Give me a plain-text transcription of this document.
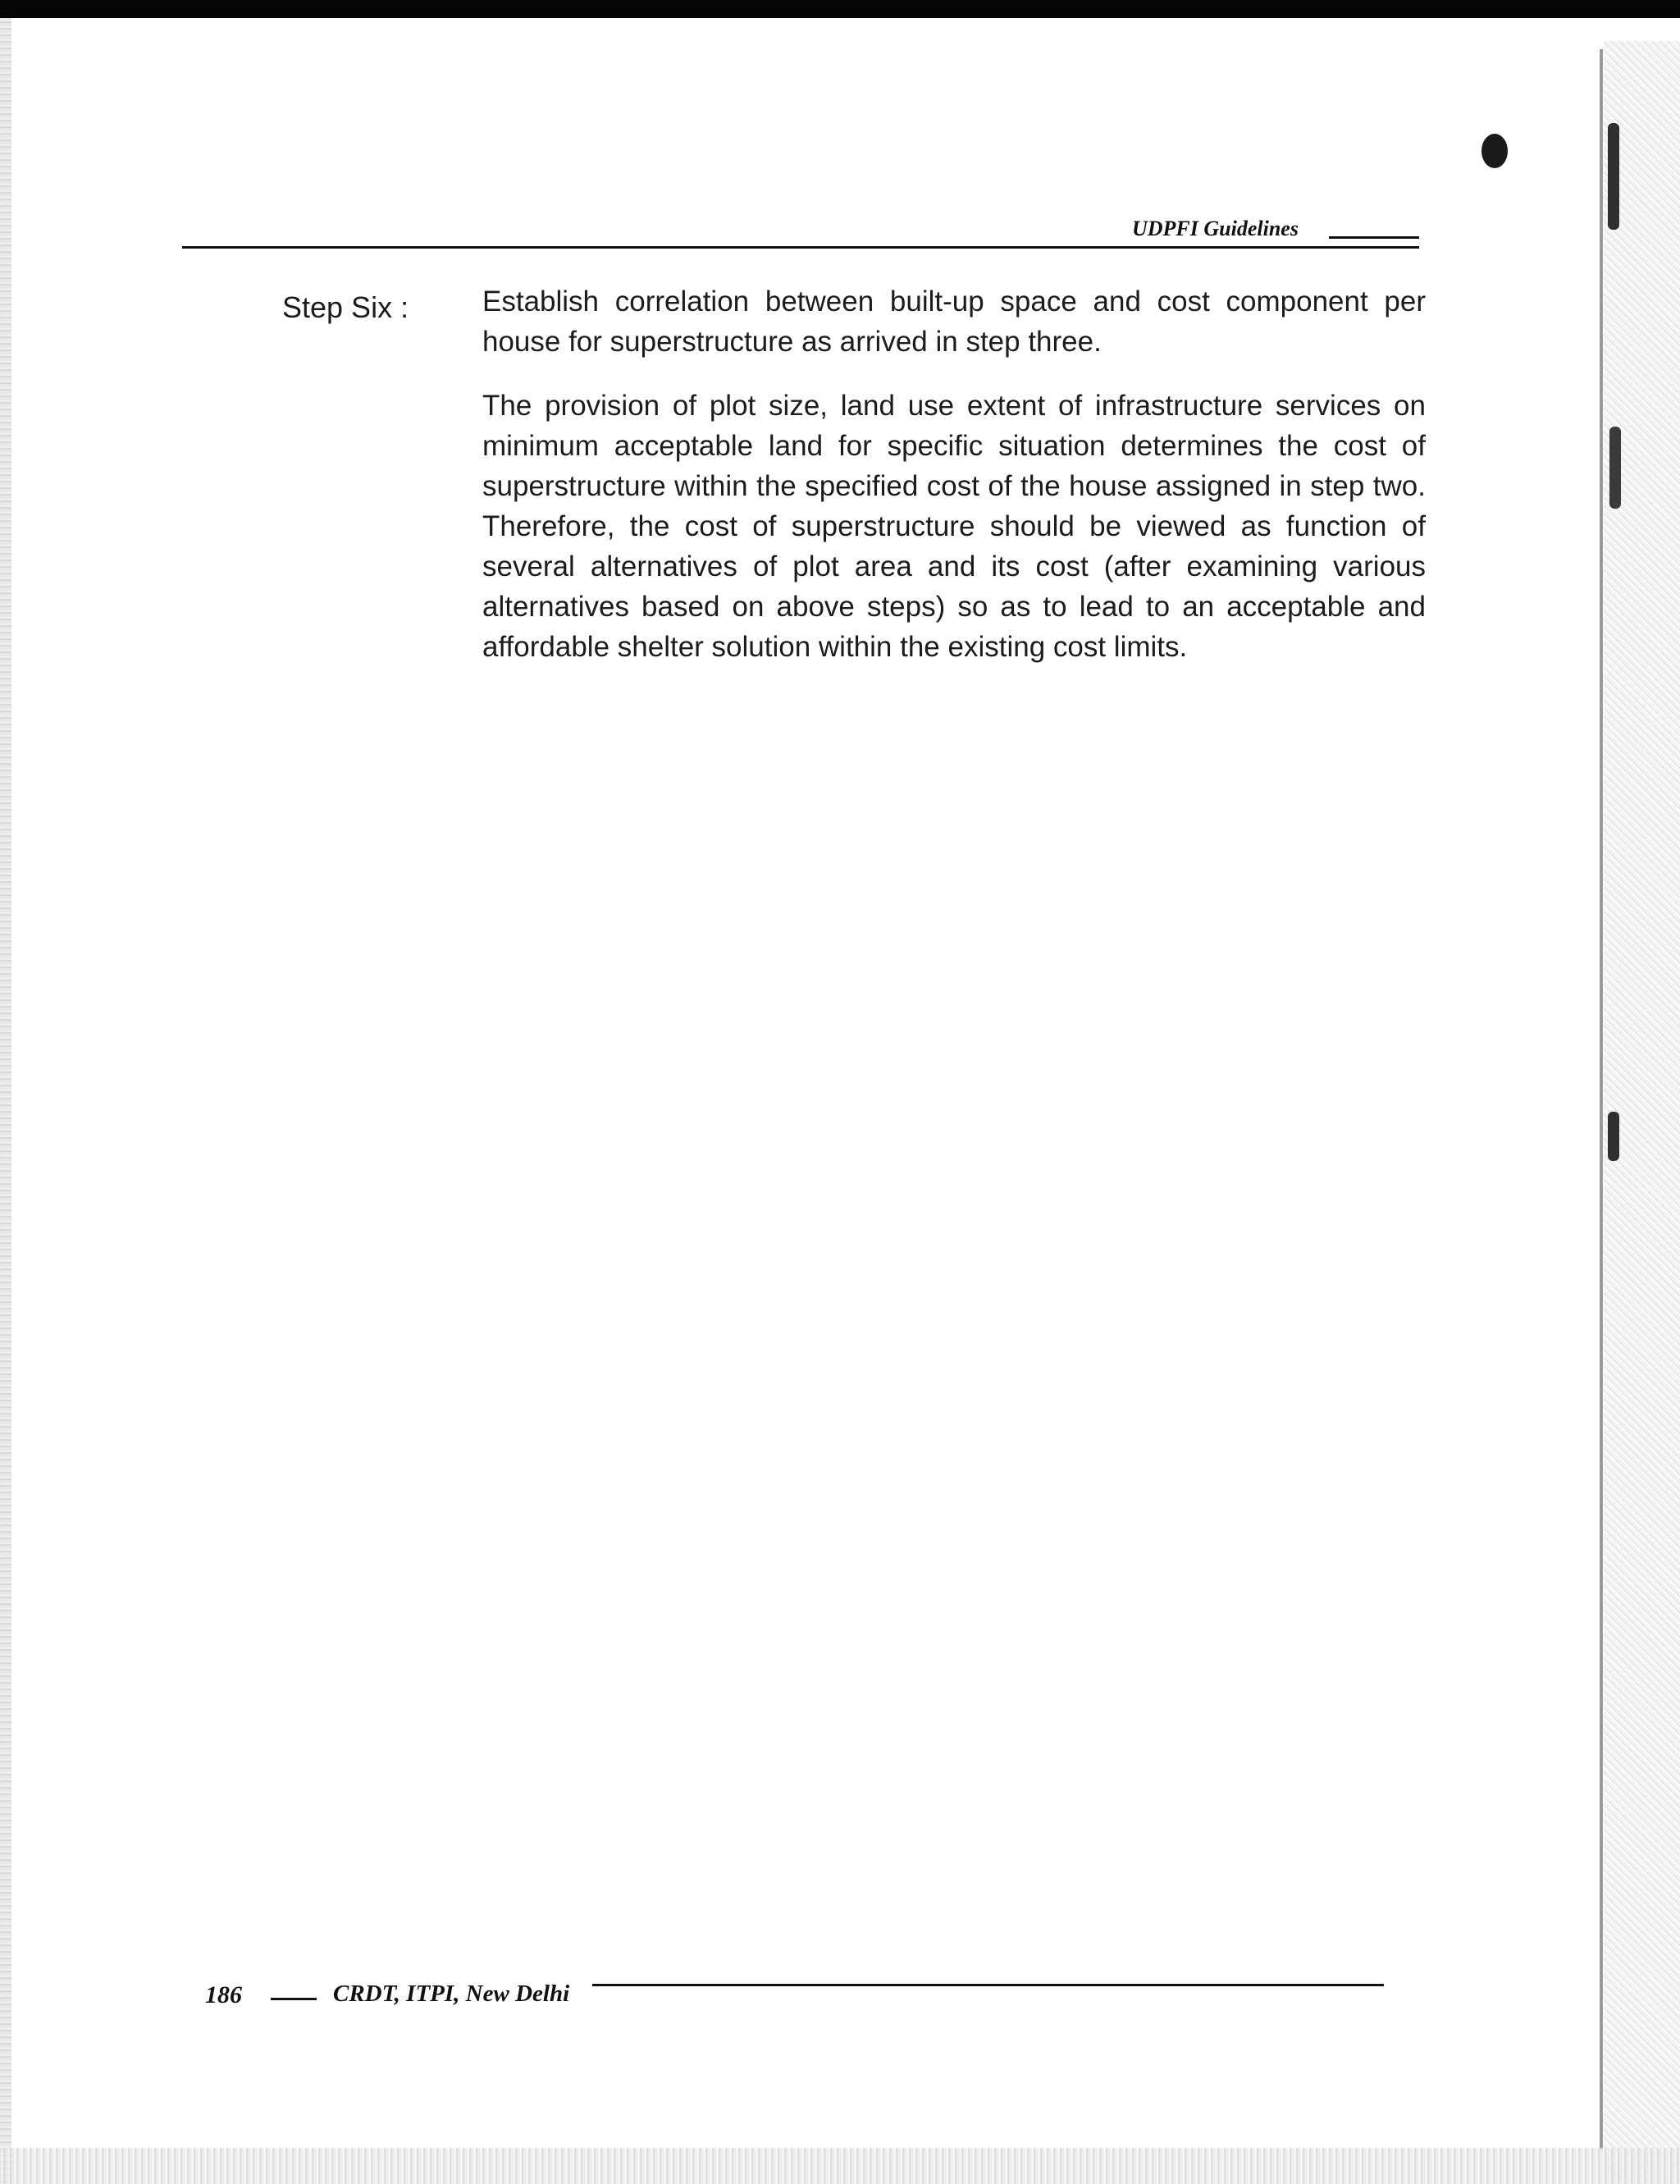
UDPFI Guidelines
Step Six :	Establish correlation between built-up space and cost component per house for superstructure as arrived in step three.

The provision of plot size, land use extent of infrastructure services on minimum acceptable land for specific situation determines the cost of superstructure within the specified cost of the house assigned in step two. Therefore, the cost of superstructure should be viewed as function of several alternatives of plot area and its cost (after examining various alternatives based on above steps) so as to lead to an acceptable and affordable shelter solution within the existing cost limits.

186	CRDT, ITPI, New Delhi
